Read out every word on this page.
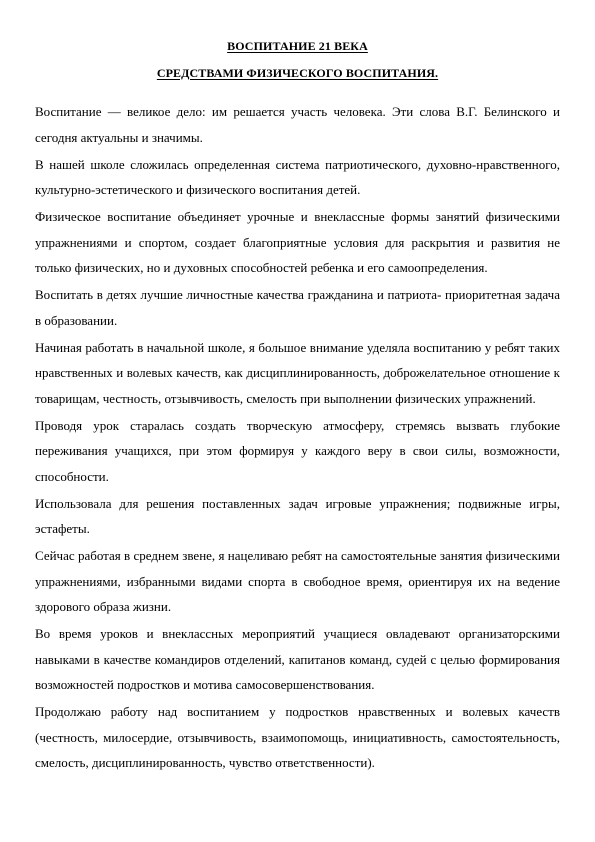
ВОСПИТАНИЕ 21 ВЕКА
СРЕДСТВАМИ ФИЗИЧЕСКОГО ВОСПИТАНИЯ.

Воспитание — великое дело: им решается участь человека. Эти слова В.Г. Белинского и сегодня актуальны и значимы.

В нашей школе сложилась определенная система патриотического, духовно-нравственного, культурно-эстетического и физического воспитания детей.

Физическое воспитание объединяет урочные и внеклассные формы занятий физическими упражнениями и спортом, создает благоприятные условия для раскрытия и развития не только физических, но и духовных способностей ребенка и его самоопределения.

Воспитать в детях лучшие личностные качества гражданина и патриота- приоритетная задача в образовании.

Начиная работать в начальной школе, я большое внимание уделяла воспитанию у ребят таких нравственных и волевых качеств, как дисциплинированность, доброжелательное отношение к товарищам, честность, отзывчивость, смелость при выполнении физических упражнений.

Проводя урок старалась создать творческую атмосферу, стремясь вызвать глубокие переживания учащихся, при этом формируя у каждого веру в свои силы, возможности, способности.

Использовала для решения поставленных задач игровые упражнения; подвижные игры, эстафеты.

Сейчас работая в среднем звене, я нацеливаю ребят на самостоятельные занятия физическими упражнениями, избранными видами спорта в свободное время, ориентируя их на ведение здорового образа жизни.

Во время уроков и внеклассных мероприятий учащиеся овладевают организаторскими навыками в качестве командиров отделений, капитанов команд, судей с целью формирования возможностей подростков и мотива самосовершенствования.

Продолжаю работу над воспитанием у подростков нравственных и волевых качеств (честность, милосердие, отзывчивость, взаимопомощь, инициативность, самостоятельность, смелость, дисциплинированность, чувство ответственности).
